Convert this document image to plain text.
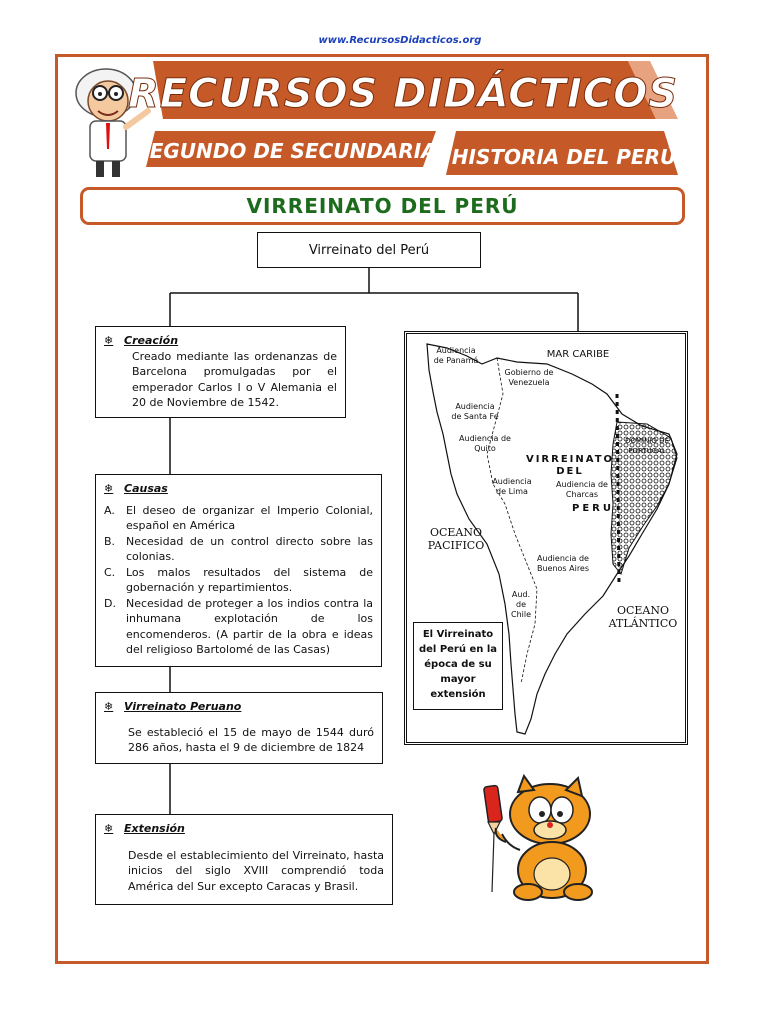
www.RecursosDidacticos.org
RECURSOS DIDÁCTICOS
SEGUNDO DE SECUNDARIA HISTORIA DEL PERÚ
VIRREINATO DEL PERÚ
Virreinato del Perú
❄ Creación
Creado mediante las ordenanzas de Barcelona promulgadas por el emperador Carlos I o V Alemania el 20 de Noviembre de 1542.
❄ Causas
A.	El deseo de organizar el Imperio Colonial, español en América
B. Necesidad de un control directo sobre las colonias.
C. Los malos resultados del sistema de gobernación y repartimientos.
D. Necesidad de proteger a los indios contra la inhumana explotación de los encomenderos. (A partir de la obra e ideas del religioso Bartolomé de las Casas)
❄ Virreinato Peruano
Se estableció el 15 de mayo de 1544 duró 286 años, hasta el 9 de diciembre de 1824
❄ Extensión
Desde el establecimiento del Virreinato, hasta inicios del siglo XVIII comprendió toda América del Sur excepto Caracas y Brasil.
Audiencia de Panamá
MAR CARIBE
Gobierno de Venezuela
Audiencia de Santa Fe
Audiencia de Quito
DOMINIO DE PORTUGAL
VIRREINATO
DEL
Audiencia de Lima
Audiencia de Charcas
PERU
OCEANO
PACIFICO
Audiencia de Buenos Aires
Aud. de Chile	OCEANO
ATLÁNTICO
El Virreinato del Perú en la época de su mayor extensión
